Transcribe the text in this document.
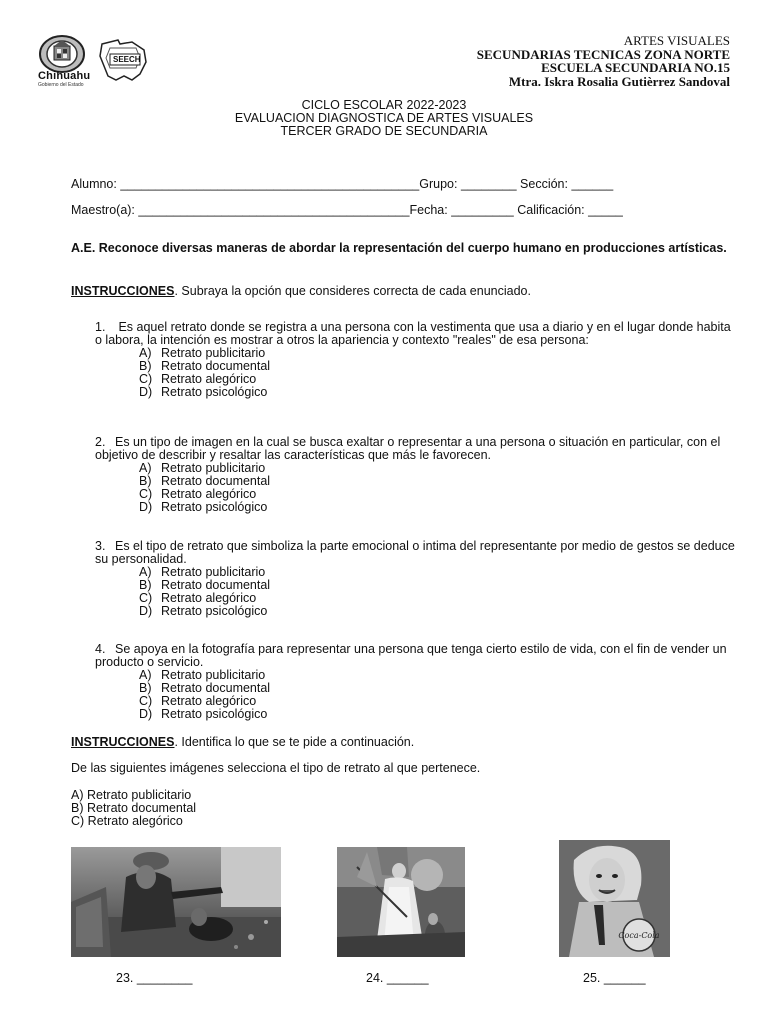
Chihuahu
Gobierno del Estado
SEECH
ARTES VISUALES
SECUNDARIAS TECNICAS ZONA NORTE
ESCUELA SECUNDARIA NO.15
Mtra. Iskra Rosalia Gutièrrez Sandoval
CICLO ESCOLAR 2022-2023
EVALUACION DIAGNOSTICA DE ARTES VISUALES
TERCER GRADO DE SECUNDARIA
Alumno: ___________________________________________Grupo: ________ Sección: ______
Maestro(a): _______________________________________Fecha: _________ Calificación: _____
A.E. Reconoce diversas maneras de abordar la representación del cuerpo humano en producciones artísticas.
INSTRUCCIONES. Subraya la opción que consideres correcta de cada enunciado.
1. Es aquel retrato donde se registra a una persona con la vestimenta que usa a diario y en el lugar donde habita o labora, la intención es mostrar a otros la apariencia y contexto "reales" de esa persona:
A) Retrato publicitario
B) Retrato documental
C) Retrato alegórico
D) Retrato psicológico
2. Es un tipo de imagen en la cual se busca exaltar o representar a una persona o situación en particular, con el objetivo de describir y resaltar las características que más le favorecen.
A) Retrato publicitario
B) Retrato documental
C) Retrato alegórico
D) Retrato psicológico
3. Es el tipo de retrato que simboliza la parte emocional o intima del representante por medio de gestos se deduce su personalidad.
A) Retrato publicitario
B) Retrato documental
C) Retrato alegórico
D) Retrato psicológico
4. Se apoya en la fotografía para representar una persona que tenga cierto estilo de vida, con el fin de vender un producto o servicio.
A) Retrato publicitario
B) Retrato documental
C) Retrato alegórico
D) Retrato psicológico
INSTRUCCIONES. Identifica lo que se te pide a continuación.
De las siguientes imágenes selecciona el tipo de retrato al que pertenece.
A) Retrato publicitario
B) Retrato documental
C) Retrato alegórico
23. ________	24. ______
Coca-Cola
25. ______
